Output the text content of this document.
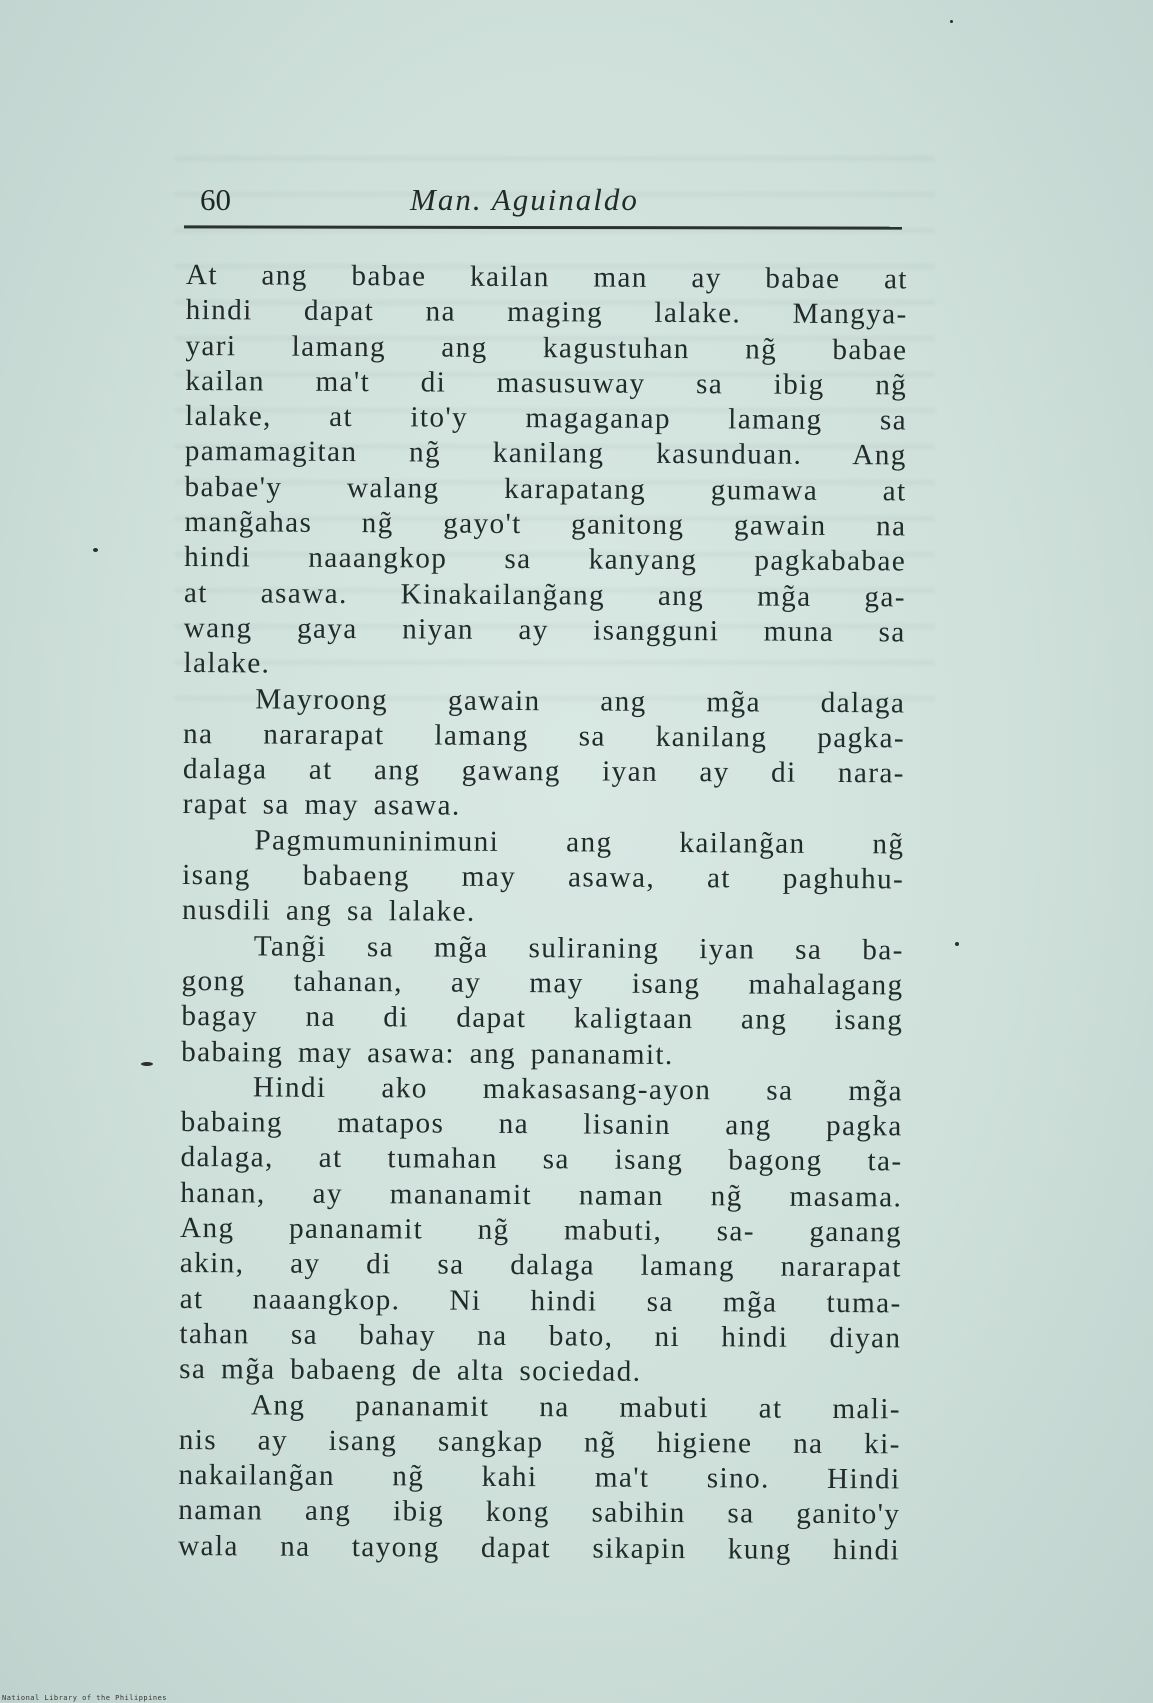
60	Man. Aguinaldo
At ang babae kailan man ay babae at
hindi dapat na maging lalake. Mangya-
yari lamang ang kagustuhan ng̃ babae
kailan ma't di masusuway sa ibig ng̃
lalake, at ito'y magaganap lamang sa
pamamagitan ng̃ kanilang kasunduan. Ang
babae'y walang karapatang gumawa at
mang̃ahas ng̃ gayo't ganitong gawain na
hindi naaangkop sa kanyang pagkababae
at asawa. Kinakailang̃ang ang mg̃a ga-
wang gaya niyan ay isangguni muna sa
lalake.
Mayroong gawain ang mg̃a dalaga
na nararapat lamang sa kanilang pagka-
dalaga at ang gawang iyan ay di nara-
rapat sa may asawa.
Pagmumuninimuni ang kailang̃an ng̃
isang babaeng may asawa, at paghuhu-
nusdili ang sa lalake.
Tang̃i sa mg̃a suliraning iyan sa ba-
gong tahanan, ay may isang mahalagang
bagay na di dapat kaligtaan ang isang
babaing may asawa: ang pananamit.
Hindi ako makasasang-ayon sa mg̃a
babaing matapos na lisanin ang pagka
dalaga, at tumahan sa isang bagong ta-
hanan, ay mananamit naman ng̃ masama.
Ang pananamit ng̃ mabuti, sa- ganang
akin, ay di sa dalaga lamang nararapat
at naaangkop. Ni hindi sa mg̃a tuma-
tahan sa bahay na bato, ni hindi diyan
sa mg̃a babaeng de alta sociedad.
Ang pananamit na mabuti at mali-
nis ay isang sangkap ng̃ higiene na ki-
nakailang̃an ng̃ kahi ma't sino. Hindi
naman ang ibig kong sabihin sa ganito'y
wala na tayong dapat sikapin kung hindi
National Library of the Philippines
